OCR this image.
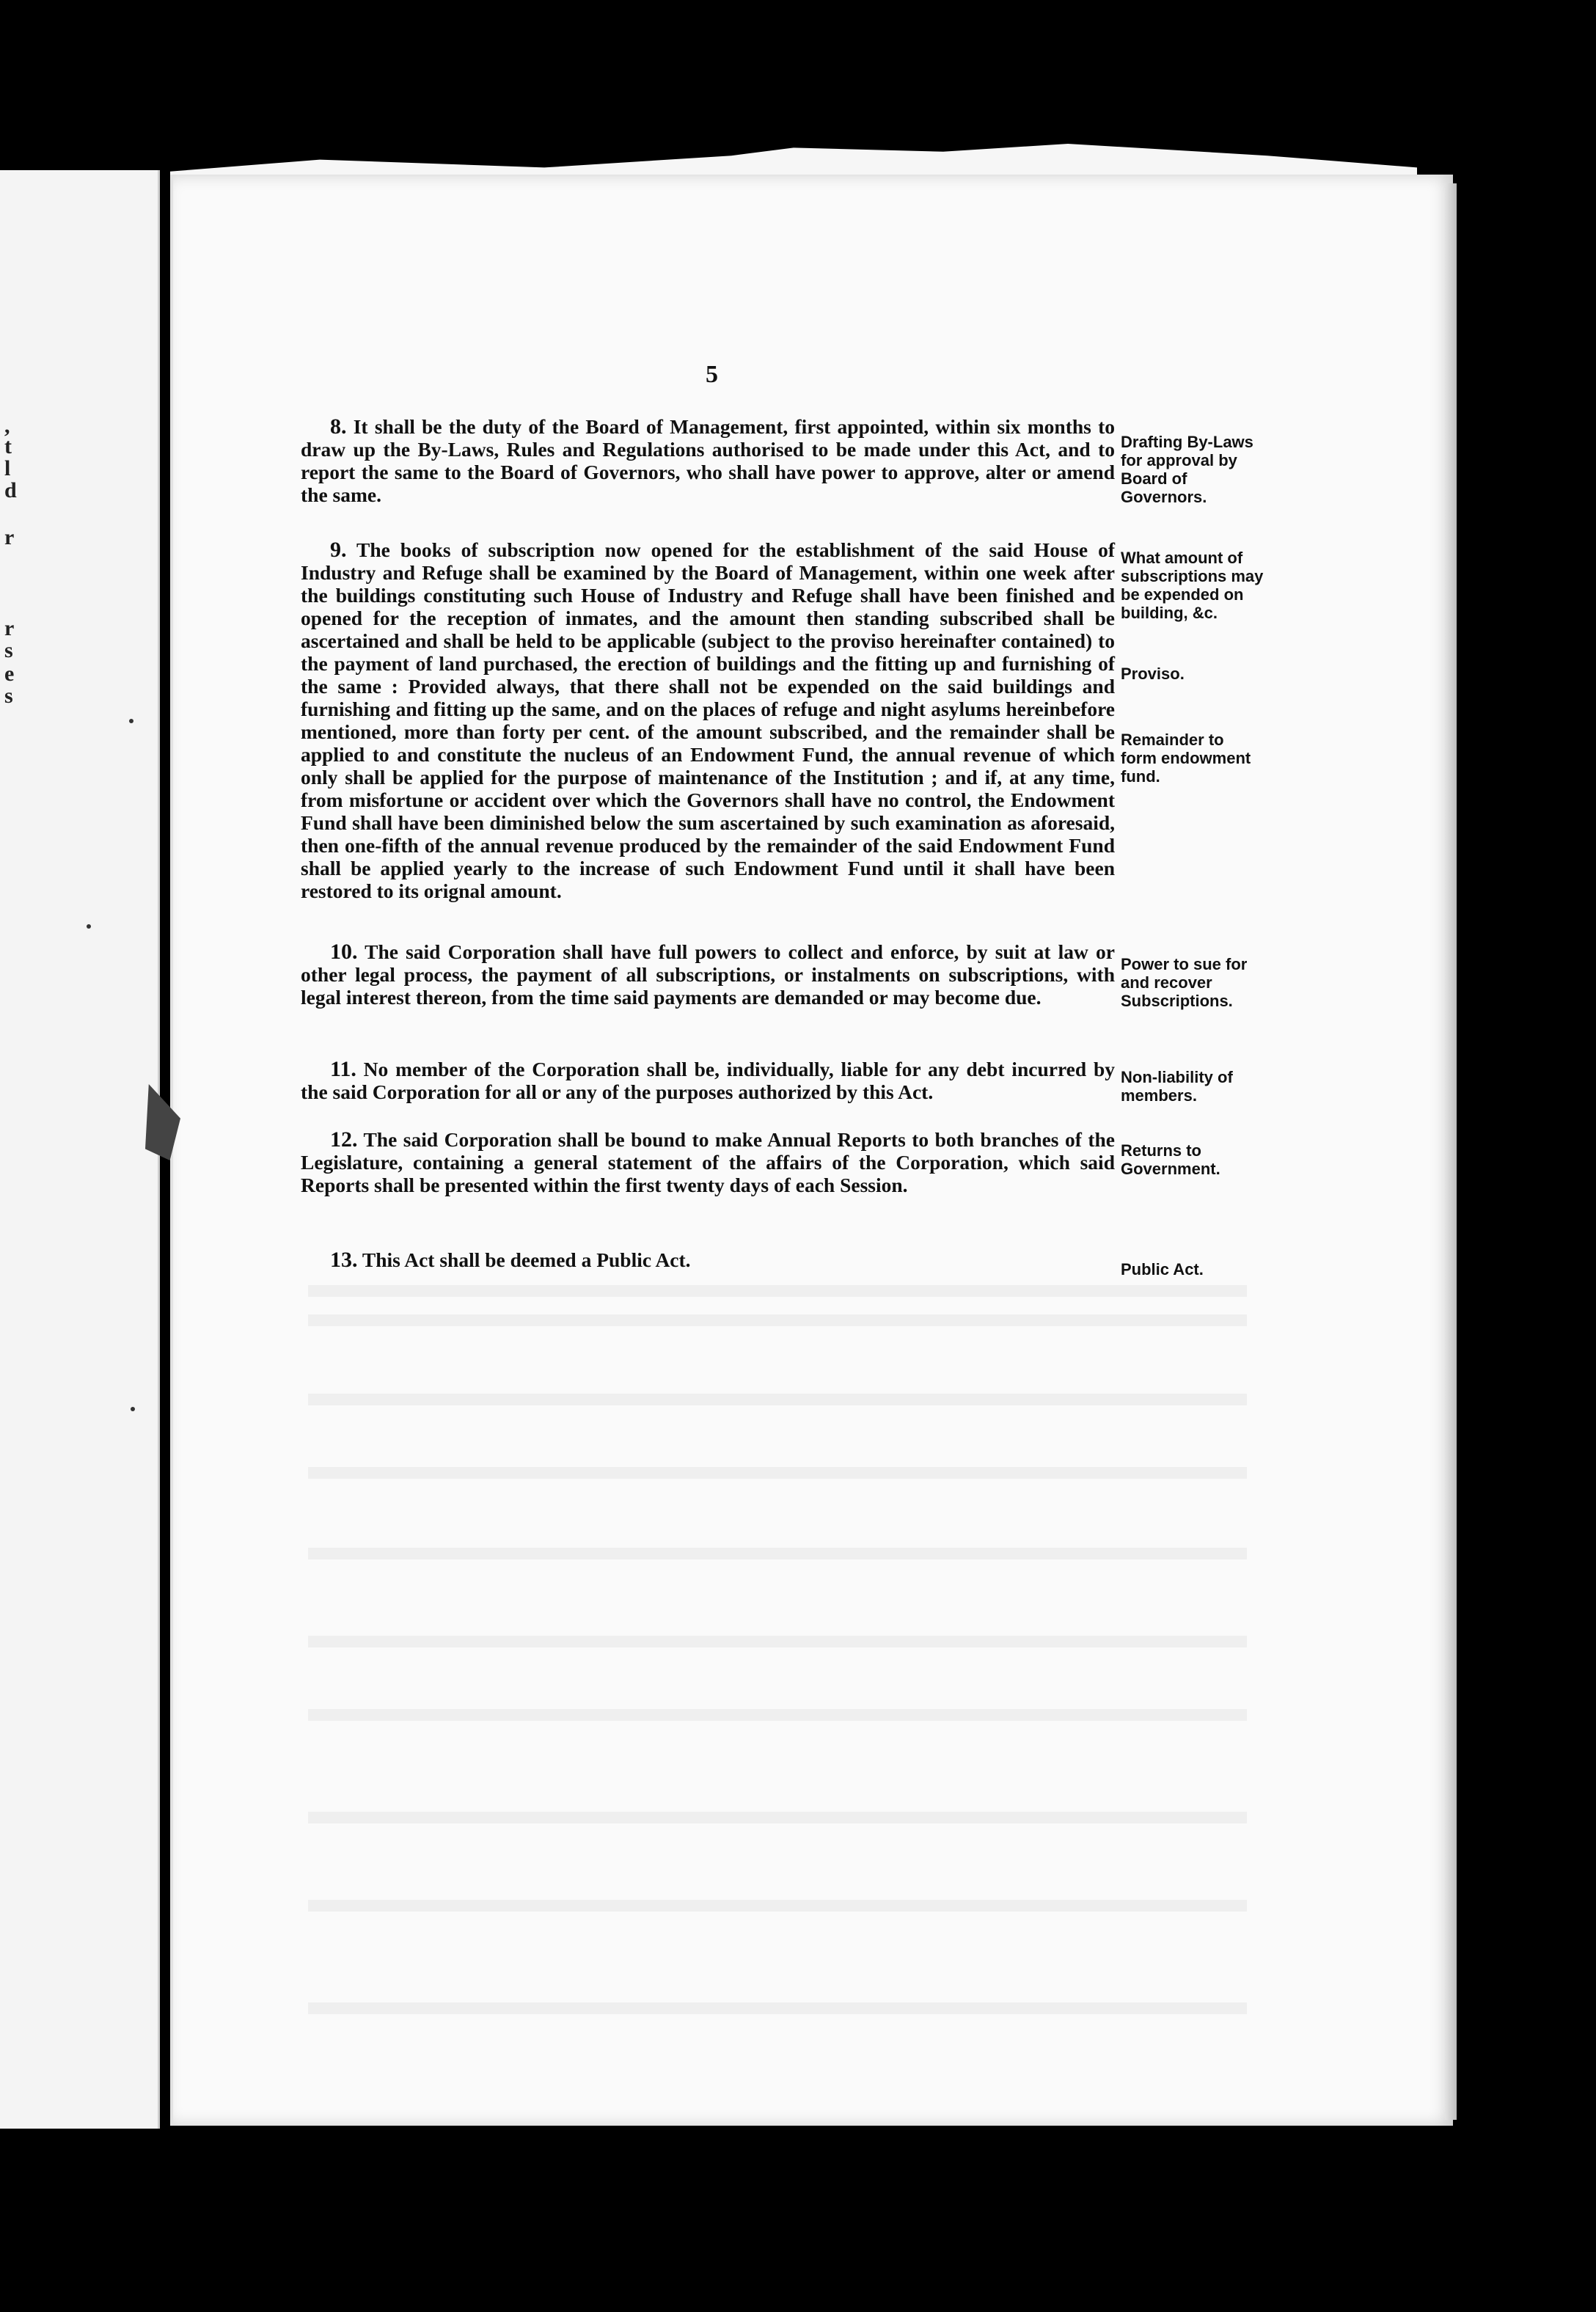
,
t
l
d
r
r
s
e
s
5

8. It shall be the duty of the Board of Management, first appointed, within six months to draw up the By-Laws, Rules and Regulations authorised to be made under this Act, and to report the same to the Board of Governors, who shall have power to approve, alter or amend the same.

Drafting By-Laws for approval by Board of Governors.

9. The books of subscription now opened for the establishment of the said House of Industry and Refuge shall be examined by the Board of Management, within one week after the buildings constituting such House of Industry and Refuge shall have been finished and opened for the reception of inmates, and the amount then standing subscribed shall be ascertained and shall be held to be applicable (subject to the proviso hereinafter contained) to the payment of land purchased, the erection of buildings and the fitting up and furnishing of the same : Provided always, that there shall not be expended on the said buildings and furnishing and fitting up the same, and on the places of refuge and night asylums hereinbefore mentioned, more than forty per cent. of the amount subscribed, and the remainder shall be applied to and constitute the nucleus of an Endowment Fund, the annual revenue of which only shall be applied for the purpose of maintenance of the Institution ; and if, at any time, from misfortune or accident over which the Governors shall have no control, the Endowment Fund shall have been diminished below the sum ascertained by such examination as aforesaid, then one-fifth of the annual revenue produced by the remainder of the said Endowment Fund shall be applied yearly to the increase of such Endowment Fund until it shall have been restored to its orignal amount.

What amount of subscriptions may be expended on building, &c.
Proviso.
Remainder to form endowment fund.

10. The said Corporation shall have full powers to collect and enforce, by suit at law or other legal process, the payment of all subscriptions, or instalments on subscriptions, with legal interest thereon, from the time said payments are demanded or may become due.

Power to sue for and recover Subscriptions.

11. No member of the Corporation shall be, individually, liable for any debt incurred by the said Corporation for all or any of the purposes authorized by this Act.

Non-liability of members.

12. The said Corporation shall be bound to make Annual Reports to both branches of the Legislature, containing a general statement of the affairs of the Corporation, which said Reports shall be presented within the first twenty days of each Session.

Returns to Government.

13. This Act shall be deemed a Public Act.	Public Act.
